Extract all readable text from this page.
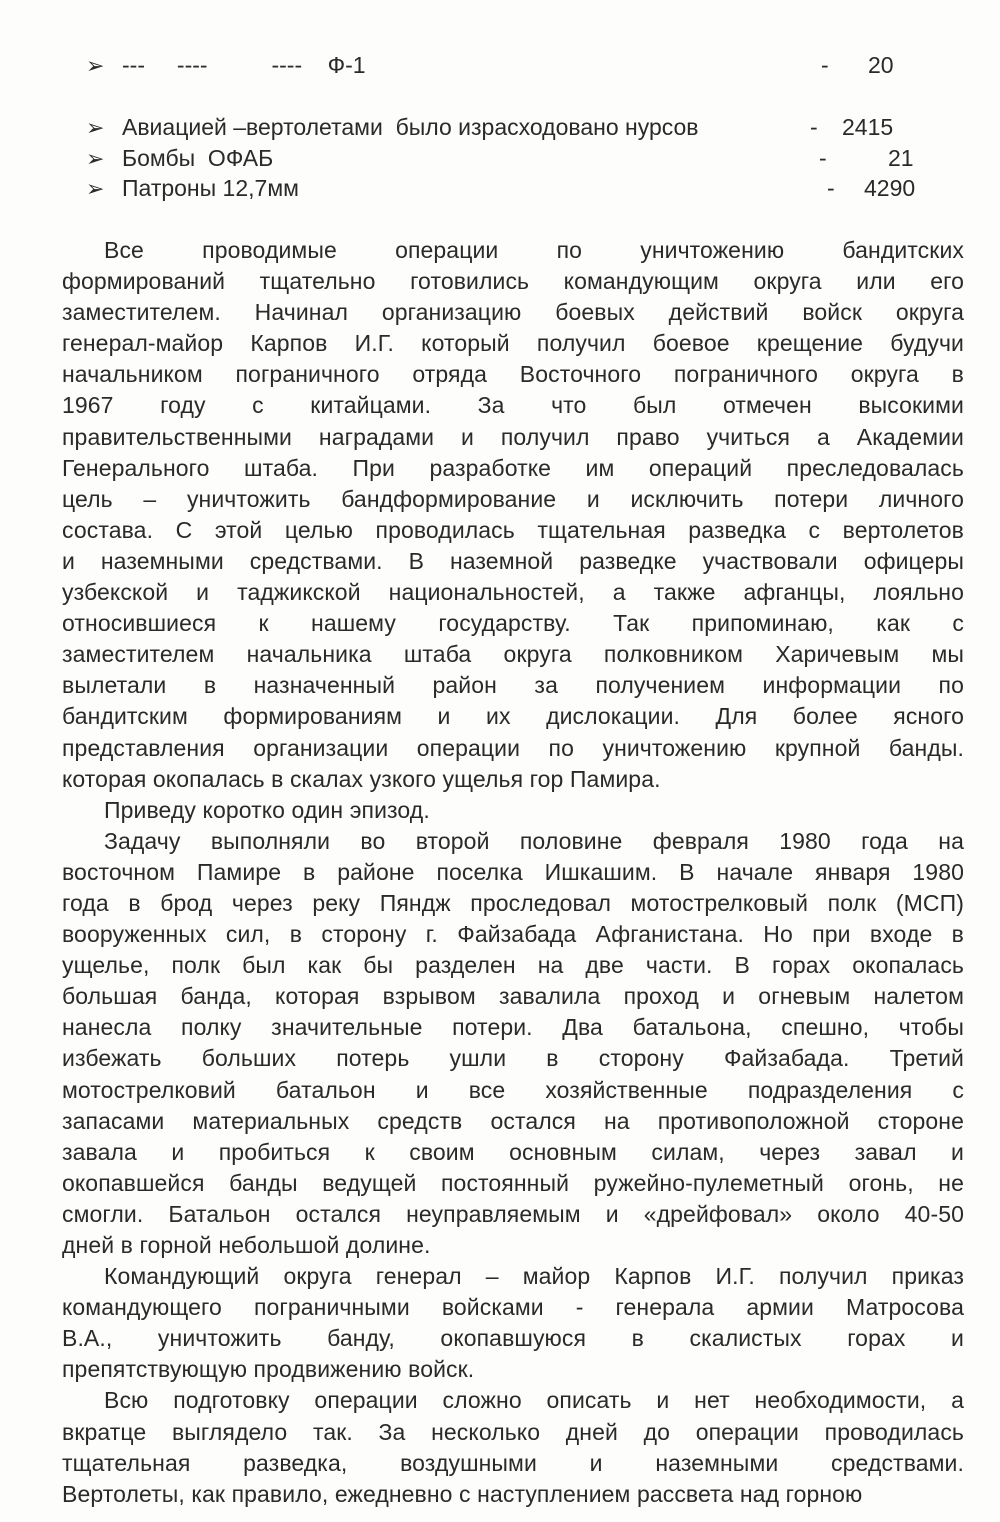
➢ ---     ----          ----    Ф-1	- 20
➢ Авиацией –вертолетами  было израсходовано нурсов	- 2415
➢ Бомбы  ОФАБ	-	21
➢ Патроны 12,7мм	- 4290
Все проводимые операции по уничтожению бандитских
формирований тщательно готовились командующим округа или его
заместителем. Начинал организацию боевых действий войск округа
генерал-майор Карпов И.Г. который получил боевое крещение будучи
начальником пограничного отряда Восточного пограничного округа в
1967 году с китайцами. За что был отмечен высокими
правительственными наградами и получил право учиться а Академии
Генерального штаба. При разработке им операций преследовалась
цель – уничтожить бандформирование и исключить потери личного
состава. С этой целью проводилась тщательная разведка с вертолетов
и наземными средствами. В наземной разведке участвовали офицеры
узбекской и таджикской национальностей, а также афганцы, лояльно
относившиеся к нашему государству. Так припоминаю, как с
заместителем начальника штаба округа полковником Харичевым мы
вылетали в назначенный район за получением информации по
бандитским формированиям и их дислокации. Для более ясного
представления организации операции по уничтожению крупной банды.
которая окопалась в скалах узкого ущелья гор Памира.
Приведу коротко один эпизод.
Задачу выполняли во второй половине февраля 1980 года на
восточном Памире в районе поселка Ишкашим. В начале января 1980
года в брод через реку Пяндж проследовал мотострелковый полк (МСП)
вооруженных сил, в сторону г. Файзабада Афганистана. Но при входе в
ущелье, полк был как бы разделен на две части. В горах окопалась
большая банда, которая взрывом завалила проход и огневым налетом
нанесла полку значительные потери. Два батальона, спешно, чтобы
избежать больших потерь ушли в сторону Файзабада. Третий
мотострелковий батальон и все хозяйственные подразделения с
запасами материальных средств остался на противоположной стороне
завала и пробиться к своим основным силам, через завал и
окопавшейся банды ведущей постоянный ружейно-пулеметный огонь, не
смогли. Батальон остался неуправляемым и «дрейфовал» около 40-50
дней в горной небольшой долине.
Командующий округа генерал – майор Карпов И.Г. получил приказ
командующего пограничными войсками - генерала армии Матросова
В.А., уничтожить банду, окопавшуюся в скалистых горах и
препятствующую продвижению войск.
Всю подготовку операции сложно описать и нет необходимости, а
вкратце выглядело так. За несколько дней до операции проводилась
тщательная разведка, воздушными и наземными средствами.
Вертолеты, как правило, ежедневно с наступлением рассвета над горною
